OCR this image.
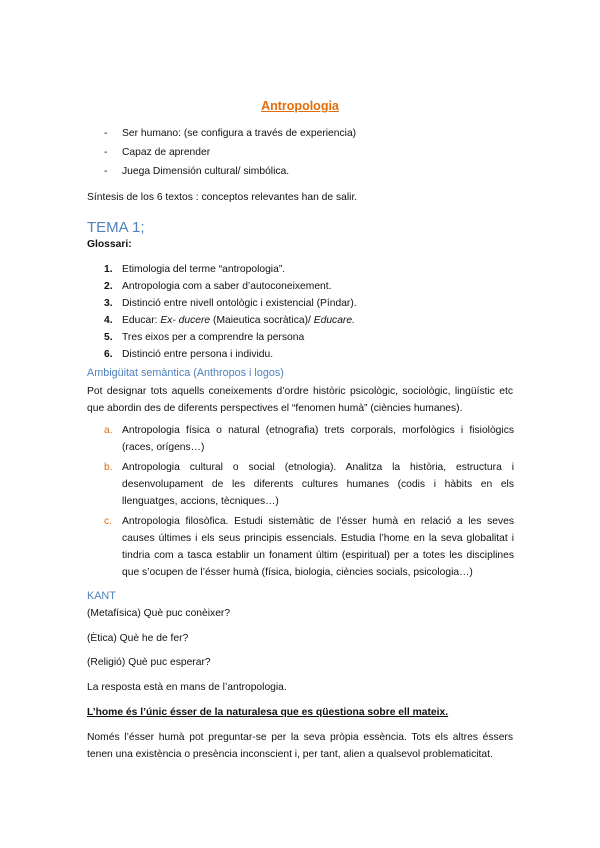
Antropologia
-	Ser humano: (se configura a través de experiencia)
-	Capaz de aprender
-	Juega Dimensión cultural/ simbólica.
Síntesis de los 6 textos : conceptos relevantes han de salir.
TEMA 1;
Glossari:
1. Etimologia del terme “antropologia”.
2. Antropologia com a saber d’autoconeixement.
3. Distinció entre nivell ontològic i existencial (Píndar).
4. Educar: Ex- ducere (Maieutica socràtica)/ Educare.
5. Tres eixos per a comprendre la persona
6. Distinció entre persona i individu.
Ambigüitat semàntica (Anthropos i logos)
Pot designar tots aquells coneixements d’ordre històric psicològic, sociològic, lingüístic etc que abordin des de diferents perspectives el “fenomen humà” (ciències humanes).
a. Antropologia física o natural (etnografia) trets corporals, morfològics i fisiològics (races, orígens…)
b. Antropologia cultural o social (etnologia). Analitza la història, estructura i desenvolupament de les diferents cultures humanes (codis i hàbits en els llenguatges, accions, tècniques…)
c. Antropologia filosòfica. Estudi sistemàtic de l’ésser humà en relació a les seves causes últimes i els seus principis essencials. Estudia l’home en la seva globalitat i tindria com a tasca establir un fonament últim (espiritual) per a totes les disciplines que s’ocupen de l’ésser humà (física, biologia, ciències socials, psicologia…)
KANT
(Metafísica) Què puc conèixer?
(Ètica) Què he de fer?
(Religió) Què puc esperar?
La resposta està en mans de l’antropologia.
L’home és l’únic ésser de la naturalesa que es qüestiona sobre ell mateix.
Només l’ésser humà pot preguntar-se per la seva pròpia essència. Tots els altres éssers tenen una existència o presència inconscient i, per tant, alien a qualsevol problematicitat.
